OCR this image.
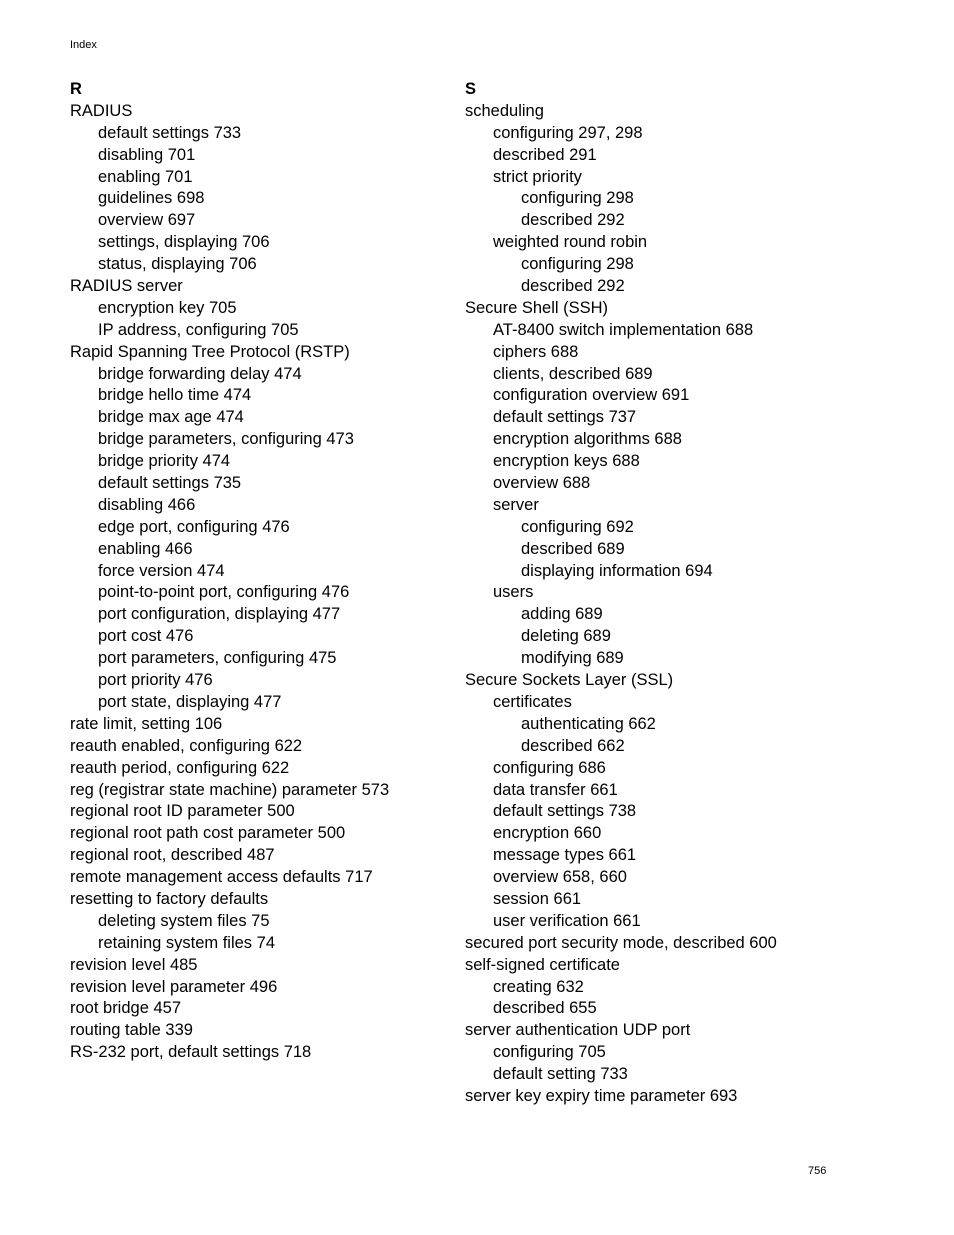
Index
R
RADIUS
default settings 733
disabling 701
enabling 701
guidelines 698
overview 697
settings, displaying 706
status, displaying 706
RADIUS server
encryption key 705
IP address, configuring 705
Rapid Spanning Tree Protocol (RSTP)
bridge forwarding delay 474
bridge hello time 474
bridge max age 474
bridge parameters, configuring 473
bridge priority 474
default settings 735
disabling 466
edge port, configuring 476
enabling 466
force version 474
point-to-point port, configuring 476
port configuration, displaying 477
port cost 476
port parameters, configuring 475
port priority 476
port state, displaying 477
rate limit, setting 106
reauth enabled, configuring 622
reauth period, configuring 622
reg (registrar state machine) parameter 573
regional root ID parameter 500
regional root path cost parameter 500
regional root, described 487
remote management access defaults 717
resetting to factory defaults
deleting system files 75
retaining system files 74
revision level 485
revision level parameter 496
root bridge 457
routing table 339
RS-232 port, default settings 718
S
scheduling
configuring 297, 298
described 291
strict priority
configuring 298
described 292
weighted round robin
configuring 298
described 292
Secure Shell (SSH)
AT-8400 switch implementation 688
ciphers 688
clients, described 689
configuration overview 691
default settings 737
encryption algorithms 688
encryption keys 688
overview 688
server
configuring 692
described 689
displaying information 694
users
adding 689
deleting 689
modifying 689
Secure Sockets Layer (SSL)
certificates
authenticating 662
described 662
configuring 686
data transfer 661
default settings 738
encryption 660
message types 661
overview 658, 660
session 661
user verification 661
secured port security mode, described 600
self-signed certificate
creating 632
described 655
server authentication UDP port
configuring 705
default setting 733
server key expiry time parameter 693
756
